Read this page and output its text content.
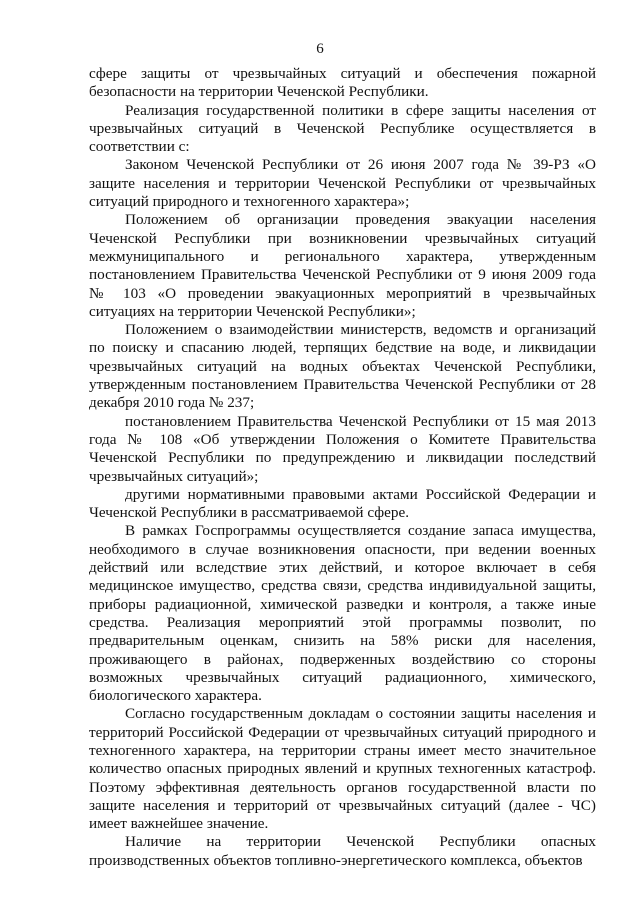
6

сфере защиты от чрезвычайных ситуаций и обеспечения пожарной безопасности на территории Чеченской Республики.

Реализация государственной политики в сфере защиты населения от чрезвычайных ситуаций в Чеченской Республике осуществляется в соответствии с:

Законом Чеченской Республики от 26 июня 2007 года № 39-РЗ «О защите населения и территории Чеченской Республики от чрезвычайных ситуаций природного и техногенного характера»;

Положением об организации проведения эвакуации населения Чеченской Республики при возникновении чрезвычайных ситуаций межмуниципального и регионального характера, утвержденным постановлением Правительства Чеченской Республики от 9 июня 2009 года № 103 «О проведении эвакуационных мероприятий в чрезвычайных ситуациях на территории Чеченской Республики»;

Положением о взаимодействии министерств, ведомств и организаций по поиску и спасанию людей, терпящих бедствие на воде, и ликвидации чрезвычайных ситуаций на водных объектах Чеченской Республики, утвержденным постановлением Правительства Чеченской Республики от 28 декабря 2010 года № 237;

постановлением Правительства Чеченской Республики от 15 мая 2013 года № 108 «Об утверждении Положения о Комитете Правительства Чеченской Республики по предупреждению и ликвидации последствий чрезвычайных ситуаций»;

другими нормативными правовыми актами Российской Федерации и Чеченской Республики в рассматриваемой сфере.

В рамках Госпрограммы осуществляется создание запаса имущества, необходимого в случае возникновения опасности, при ведении военных действий или вследствие этих действий, и которое включает в себя медицинское имущество, средства связи, средства индивидуальной защиты, приборы радиационной, химической разведки и контроля, а также иные средства. Реализация мероприятий этой программы позволит, по предварительным оценкам, снизить на 58% риски для населения, проживающего в районах, подверженных воздействию со стороны возможных чрезвычайных ситуаций радиационного, химического, биологического характера.

Согласно государственным докладам о состоянии защиты населения и территорий Российской Федерации от чрезвычайных ситуаций природного и техногенного характера, на территории страны имеет место значительное количество опасных природных явлений и крупных техногенных катастроф. Поэтому эффективная деятельность органов государственной власти по защите населения и территорий от чрезвычайных ситуаций (далее - ЧС) имеет важнейшее значение.

Наличие на территории Чеченской Республики опасных производственных объектов топливно-энергетического комплекса, объектов
